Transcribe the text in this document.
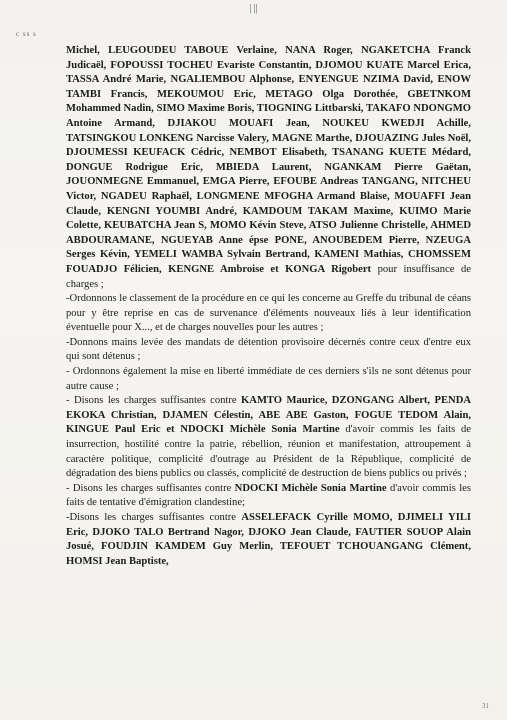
| ||
c ss s

Michel, LEUGOUDEU TABOUE Verlaine, NANA Roger, NGAKETCHA Franck Judicaël, FOPOUSSI TOCHEU Evariste Constantin, DJOMOU KUATE Marcel Erica, TASSA André Marie, NGALIEMBOU Alphonse, ENYENGUE NZIMA David, ENOW TAMBI Francis, MEKOUMOU Eric, METAGO Olga Dorothée, GBETNKOM Mohammed Nadin, SIMO Maxime Boris, TIOGNING Littbarski, TAKAFO NDONGMO Antoine Armand, DJIAKOU MOUAFI Jean, NOUKEU KWEDJI Achille, TATSINGKOU LONKENG Narcisse Valery, MAGNE Marthe, DJOUAZING Jules Noël, DJOUMESSI KEUFACK Cédric, NEMBOT Elisabeth, TSANANG KUETE Médard, DONGUE Rodrigue Eric, MBIEDA Laurent, NGANKAM Pierre Gaëtan, JOUONMEGNE Emmanuel, EMGA Pierre, EFOUBE Andreas TANGANG, NITCHEU Victor, NGADEU Raphaël, LONGMENE MFOGHA Armand Blaise, MOUAFFI Jean Claude, KENGNI YOUMBI André, KAMDOUM TAKAM Maxime, KUIMO Marie Colette, KEUBATCHA Jean S, MOMO Kévin Steve, ATSO Julienne Christelle, AHMED ABDOURAMANE, NGUEYAB Anne épse PONE, ANOUBEDEM Pierre, NZEUGA Serges Kévin, YEMELI WAMBA Sylvain Bertrand, KAMENI Mathias, CHOMSSEM FOUADJO Félicien, KENGNE Ambroise et KONGA Rigobert pour insuffisance de charges ;

-Ordonnons le classement de la procédure en ce qui les concerne au Greffe du tribunal de céans pour y être reprise en cas de survenance d'éléments nouveaux liés à leur identification éventuelle pour X..., et de charges nouvelles pour les autres ;

-Donnons mains levée des mandats de détention provisoire décernés contre ceux d'entre eux qui sont détenus ;

- Ordonnons également la mise en liberté immédiate de ces derniers s'ils ne sont détenus pour autre cause ;

- Disons les charges suffisantes contre KAMTO Maurice, DZONGANG Albert, PENDA EKOKA Christian, DJAMEN Célestin, ABE ABE Gaston, FOGUE TEDOM Alain, KINGUE Paul Eric et NDOCKI Michèle Sonia Martine d'avoir commis les faits de insurrection, hostilité contre la patrie, rébellion, réunion et manifestation, attroupement à caractère politique, complicité d'outrage au Président de la République, complicité de dégradation des biens publics ou classés, complicité de destruction de biens publics ou privés ;

- Disons les charges suffisantes contre NDOCKI Michèle Sonia Martine d'avoir commis les faits de tentative d'émigration clandestine;

-Disons les charges suffisantes contre ASSELEFACK Cyrille MOMO, DJIMELI YILI Eric, DJOKO TALO Bertrand Nagor, DJOKO Jean Claude, FAUTIER SOUOP Alain Josué, FOUDJIN KAMDEM Guy Merlin, TEFOUET TCHOUANGANG Clément, HOMSI Jean Baptiste,

31
